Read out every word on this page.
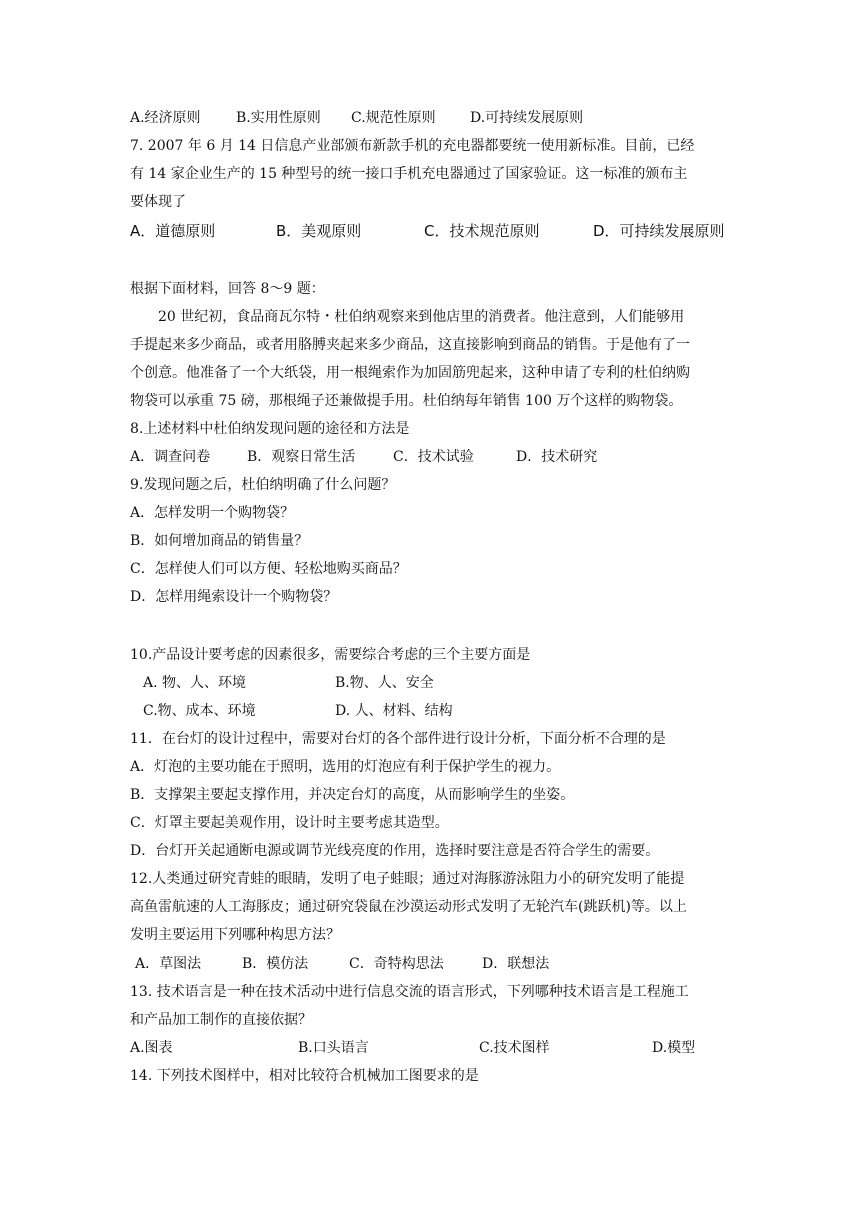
A.经济原则	B.实用性原则 C.规范性原则 D.可持续发展原则
7. 2007 年 6 月 14 日信息产业部颁布新款手机的充电器都要统一使用新标准。目前，已经
有 14 家企业生产的 15 种型号的统一接口手机充电器通过了国家验证。这一标准的颁布主
要体现了
A．道德原则	B．美观原则	C．技术规范原则	D．可持续发展原则
根据下面材料，回答 8～9 题：
20 世纪初，食品商瓦尔特・杜伯纳观察来到他店里的消费者。他注意到，人们能够用
手提起来多少商品，或者用胳膊夹起来多少商品，这直接影响到商品的销售。于是他有了一
个创意。他准备了一个大纸袋，用一根绳索作为加固筋兜起来，这种申请了专利的杜伯纳购
物袋可以承重 75 磅，那根绳子还兼做提手用。杜伯纳每年销售 100 万个这样的购物袋。
8.上述材料中杜伯纳发现问题的途径和方法是
A．调查问卷	B．观察日常生活	C．技术试验	D．技术研究
9.发现问题之后，杜伯纳明确了什么问题？
A．怎样发明一个购物袋？
B．如何增加商品的销售量？
C．怎样使人们可以方便、轻松地购买商品？
D．怎样用绳索设计一个购物袋？
10.产品设计要考虑的因素很多，需要综合考虑的三个主要方面是
A. 物、人、环境	B.物、人、安全
C.物、成本、环境	D. 人、材料、结构
11．在台灯的设计过程中，需要对台灯的各个部件进行设计分析，下面分析不合理的是
A．灯泡的主要功能在于照明，选用的灯泡应有利于保护学生的视力。
B．支撑架主要起支撑作用，并决定台灯的高度，从而影响学生的坐姿。
C．灯罩主要起美观作用，设计时主要考虑其造型。
D．台灯开关起通断电源或调节光线亮度的作用，选择时要注意是否符合学生的需要。
12.人类通过研究青蛙的眼睛，发明了电子蛙眼；通过对海豚游泳阻力小的研究发明了能提
高鱼雷航速的人工海豚皮；通过研究袋鼠在沙漠运动形式发明了无轮汽车(跳跃机)等。以上
发明主要运用下列哪种构思方法？
A．草图法	B．模仿法	C．奇特构思法	D．联想法
13. 技术语言是一种在技术活动中进行信息交流的语言形式，下列哪种技术语言是工程施工
和产品加工制作的直接依据？
A.图表	B.口头语言	C.技术图样	D.模型
14. 下列技术图样中，相对比较符合机械加工图要求的是
